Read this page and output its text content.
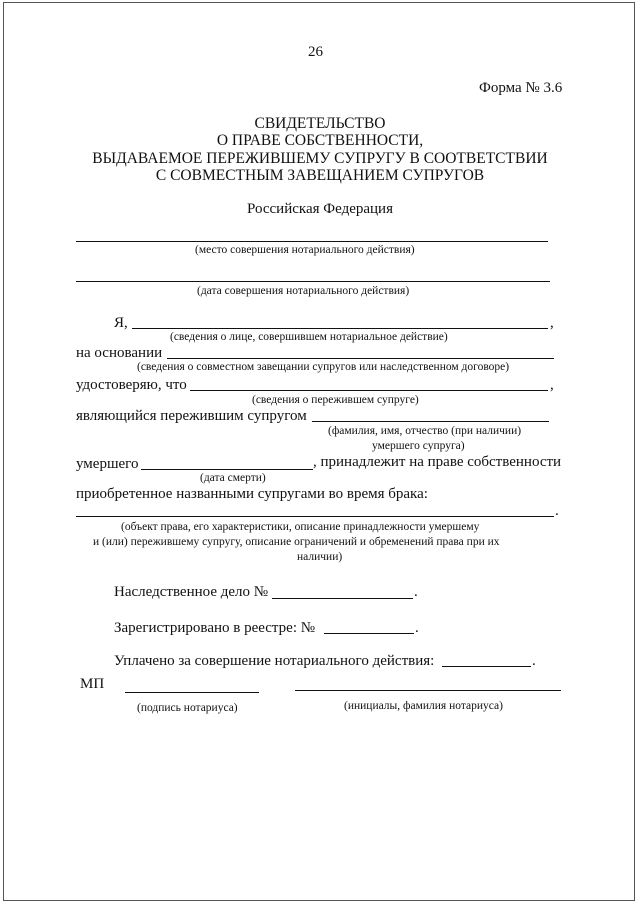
26
Форма № 3.6
СВИДЕТЕЛЬСТВО
О ПРАВЕ СОБСТВЕННОСТИ,
ВЫДАВАЕМОЕ ПЕРЕЖИВШЕМУ СУПРУГУ В СООТВЕТСТВИИ
С СОВМЕСТНЫМ ЗАВЕЩАНИЕМ СУПРУГОВ
Российская Федерация
(место совершения нотариального действия)
(дата совершения нотариального действия)
Я,	,
(сведения о лице, совершившем нотариальное действие)
на основании
(сведения о совместном завещании супругов или наследственном договоре)
удостоверяю, что	,
(сведения о пережившем супруге)
являющийся пережившим супругом
(фамилия, имя, отчество (при наличии)
умершего супруга)
умершего	, принадлежит на праве собственности
(дата смерти)
приобретенное названными супругами во время брака:
.
(объект права, его характеристики, описание принадлежности умершему
и (или) пережившему супругу, описание ограничений и обременений права при их
наличии)
Наследственное дело №	.
Зарегистрировано в реестре: №	.
Уплачено за совершение нотариального действия:	.
МП
(подпись нотариуса)	(инициалы, фамилия нотариуса)
